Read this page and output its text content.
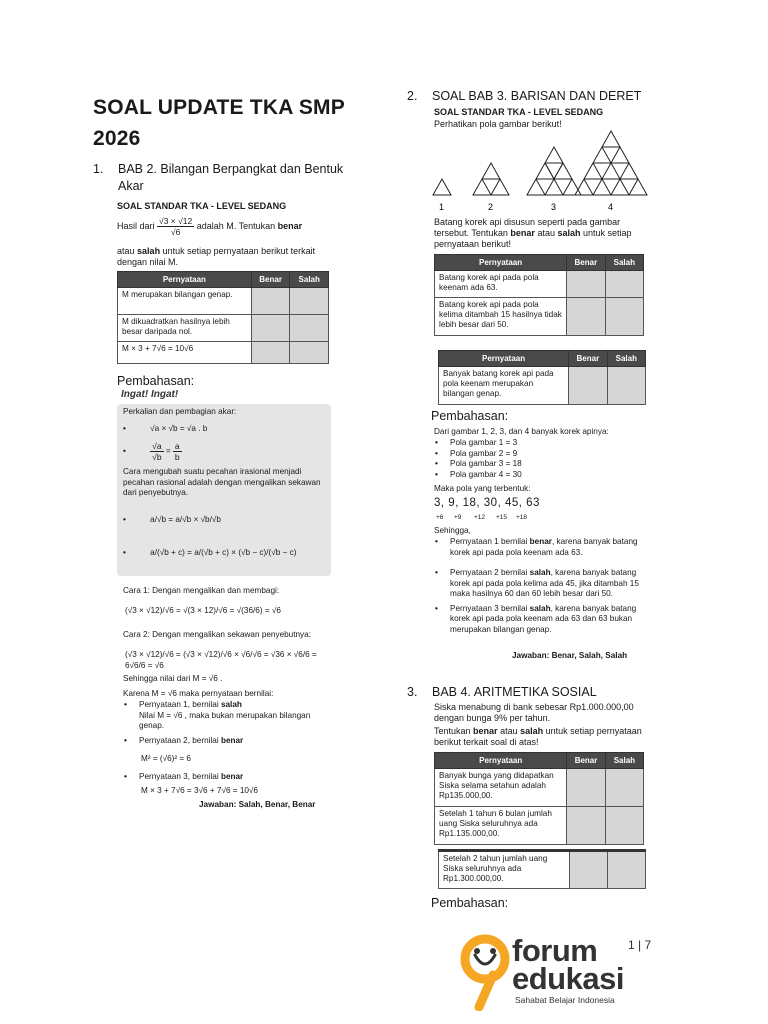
SOAL UPDATE TKA SMP 2026
1. BAB 2. Bilangan Berpangkat dan Bentuk Akar
SOAL STANDAR TKA - LEVEL SEDANG
Hasil dari $\frac{√3 \times √12}{√6}$ adalah M. Tentukan benar
atau salah untuk setiap pernyataan berikut terkait dengan nilai M.
Pernyataan	Benar	Salah
M merupakan bilangan genap.		
M dikuadratkan hasilnya lebih besar daripada nol.		
M × 3 + 7√6 = 10√6		
Pembahasan:
Ingat! Ingat!
Perkalian dan pembagian akar:
•	√a × √b = √a . b
•	$\frac{√a}{√b} = \frac{a}{b}$
Cara mengubah suatu pecahan irasional menjadi pecahan rasional adalah dengan mengalikan sekawan dari penyebutnya.
•	a/√b = a/√b × √b/√b
•	a/(√b + c) = a/(√b + c) × (√b − c)/(√b − c)
Cara 1: Dengan mengalikan dan membagi:
(√3 × √12)/√6 = √(3 × 12)/√6 = √(36/6) = √6
Cara 2: Dengan mengalikan sekawan penyebutnya:
(√3 × √12)/√6 = (√3 × √12)/√6 × √6/√6 = √36 × √6/6 = 6√6/6 = √6
Sehingga nilai dari M = √6 .
Karena M = √6 maka pernyataan bernilai:
• Pernyataan 1, bernilai salah
Nilai M = √6 , maka bukan merupakan bilangan genap.
• Pernyataan 2, bernilai benar
M² = (√6)² = 6
• Pernyataan 3, bernilai benar
M × 3 + 7√6 = 3√6 + 7√6 = 10√6
Jawaban: Salah, Benar, Benar
2. SOAL BAB 3. BARISAN DAN DERET
SOAL STANDAR TKA - LEVEL SEDANG
Perhatikan pola gambar berikut!
1	2	3	4
Batang korek api disusun seperti pada gambar tersebut. Tentukan benar atau salah untuk setiap pernyataan berikut!
Pernyataan	Benar	Salah
Batang korek api pada pola keenam ada 63.		
Batang korek api pada pola kelima ditambah 15 hasilnya tidak lebih besar dari 50.		
Pernyataan	Benar	Salah
Banyak batang korek api pada pola keenam merupakan bilangan genap.		
Pembahasan:
Dari gambar 1, 2, 3, dan 4 banyak korek apinya:
• Pola gambar 1 = 3
• Pola gambar 2 = 9
• Pola gambar 3 = 18
• Pola gambar 4 = 30
Maka pola yang terbentuk:
3, 9, 18, 30, 45, 63
+6 +9 +12 +15 +18
Sehingga,
• Pernyataan 1 bernilai benar, karena banyak batang korek api pada pola keenam ada 63.
• Pernyataan 2 bernilai salah, karena banyak batang korek api pada pola kelima ada 45, jika ditambah 15 maka hasilnya 60 dan 60 lebih besar dari 50.
• Pernyataan 3 bernilai salah, karena banyak batang korek api pada pola keenam ada 63 dan 63 bukan merupakan bilangan genap.
Jawaban: Benar, Salah, Salah
3. BAB 4. ARITMETIKA SOSIAL
Siska menabung di bank sebesar Rp1.000.000,00 dengan bunga 9% per tahun.
Tentukan benar atau salah untuk setiap pernyataan berikut terkait soal di atas!
Pernyataan	Benar	Salah
Banyak bunga yang didapatkan Siska selama setahun adalah Rp135.000,00.		
Setelah 1 tahun 6 bulan jumlah uang Siska seluruhnya ada Rp1.135.000,00.		
Setelah 2 tahun jumlah uang Siska seluruhnya ada Rp1.300.000,00.		
Pembahasan:
1 | 7
forum
edukasi
Sahabat Belajar Indonesia
